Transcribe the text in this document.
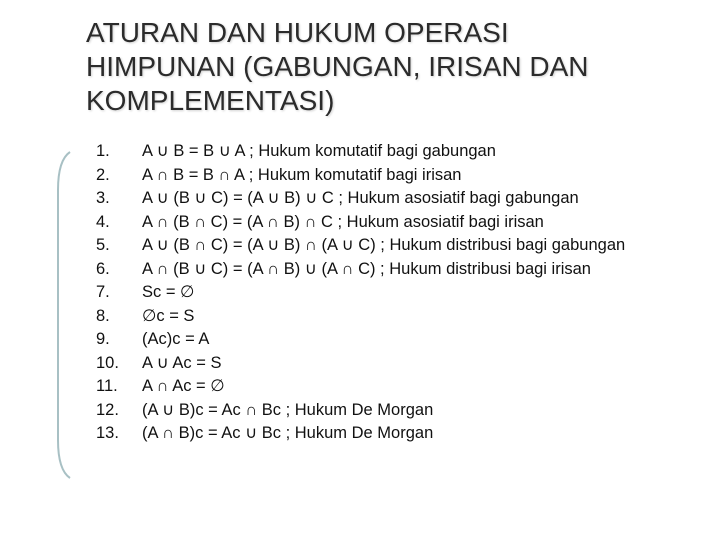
ATURAN DAN HUKUM OPERASI
HIMPUNAN (GABUNGAN, IRISAN DAN
KOMPLEMENTASI)
1.	A ∪ B = B ∪ A ; Hukum komutatif bagi gabungan
2.	A ∩ B = B ∩ A ; Hukum komutatif bagi irisan
3.	A ∪ (B ∪ C) = (A ∪ B) ∪ C ; Hukum asosiatif bagi gabungan
4.	A ∩ (B ∩ C) = (A ∩ B) ∩ C ; Hukum asosiatif bagi irisan
5.	A ∪ (B ∩ C) = (A ∪ B) ∩ (A ∪ C) ; Hukum distribusi bagi gabungan
6.	A ∩ (B ∪ C) = (A ∩ B) ∪ (A ∩ C) ; Hukum distribusi bagi irisan
7.	Sc = ∅
8.	∅c = S
9.	(Ac)c = A
10.	A ∪ Ac = S
11.	A ∩ Ac = ∅
12.	(A ∪ B)c = Ac ∩ Bc ; Hukum De Morgan
13.	(A ∩ B)c = Ac ∪ Bc ; Hukum De Morgan
